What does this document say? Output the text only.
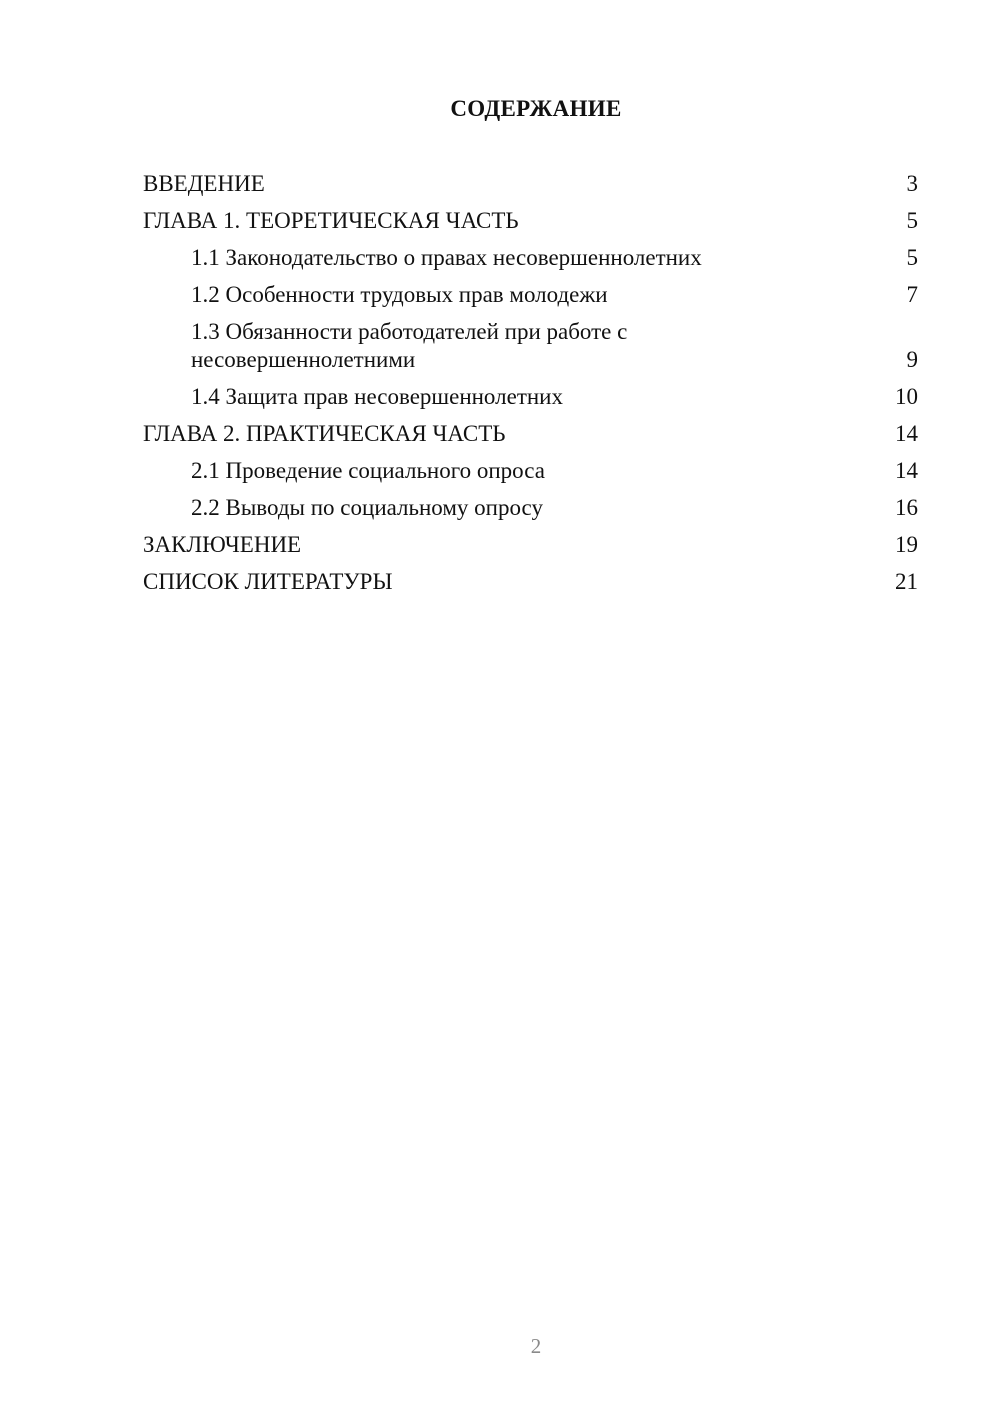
СОДЕРЖАНИЕ
ВВЕДЕНИЕ	3
ГЛАВА 1. ТЕОРЕТИЧЕСКАЯ ЧАСТЬ	5
1.1 Законодательство о правах несовершеннолетних	5
1.2 Особенности трудовых прав молодежи	7
1.3 Обязанности работодателей при работе с несовершеннолетними	9
1.4 Защита прав несовершеннолетних	10
ГЛАВА 2. ПРАКТИЧЕСКАЯ ЧАСТЬ	14
2.1 Проведение социального опроса	14
2.2 Выводы по социальному опросу	16
ЗАКЛЮЧЕНИЕ	19
СПИСОК ЛИТЕРАТУРЫ	21
2
